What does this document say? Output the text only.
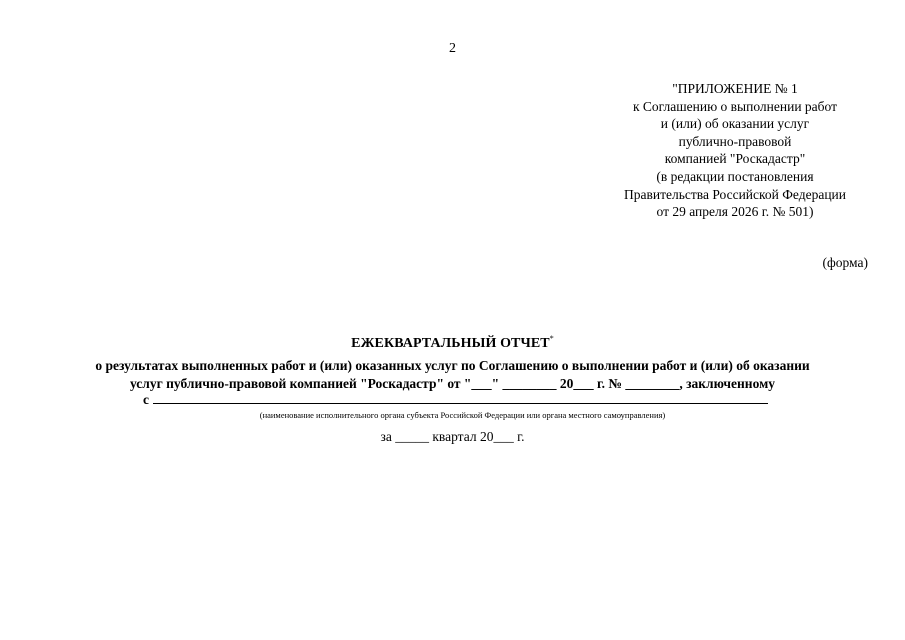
2
"ПРИЛОЖЕНИЕ № 1
к Соглашению о выполнении работ
и (или) об оказании услуг
публично-правовой
компанией "Роскадастр"
(в редакции постановления
Правительства Российской Федерации
от 29 апреля 2026 г. № 501)
(форма)
ЕЖЕКВАРТАЛЬНЫЙ ОТЧЕТ*
о результатах выполненных работ и (или) оказанных услуг по Соглашению о выполнении работ и (или) об оказании
услуг публично-правовой компанией "Роскадастр" от "___" ________ 20___ г. № ________, заключенному
с
(наименование исполнительного органа субъекта Российской Федерации или органа местного самоуправления)
за _____ квартал 20___ г.
